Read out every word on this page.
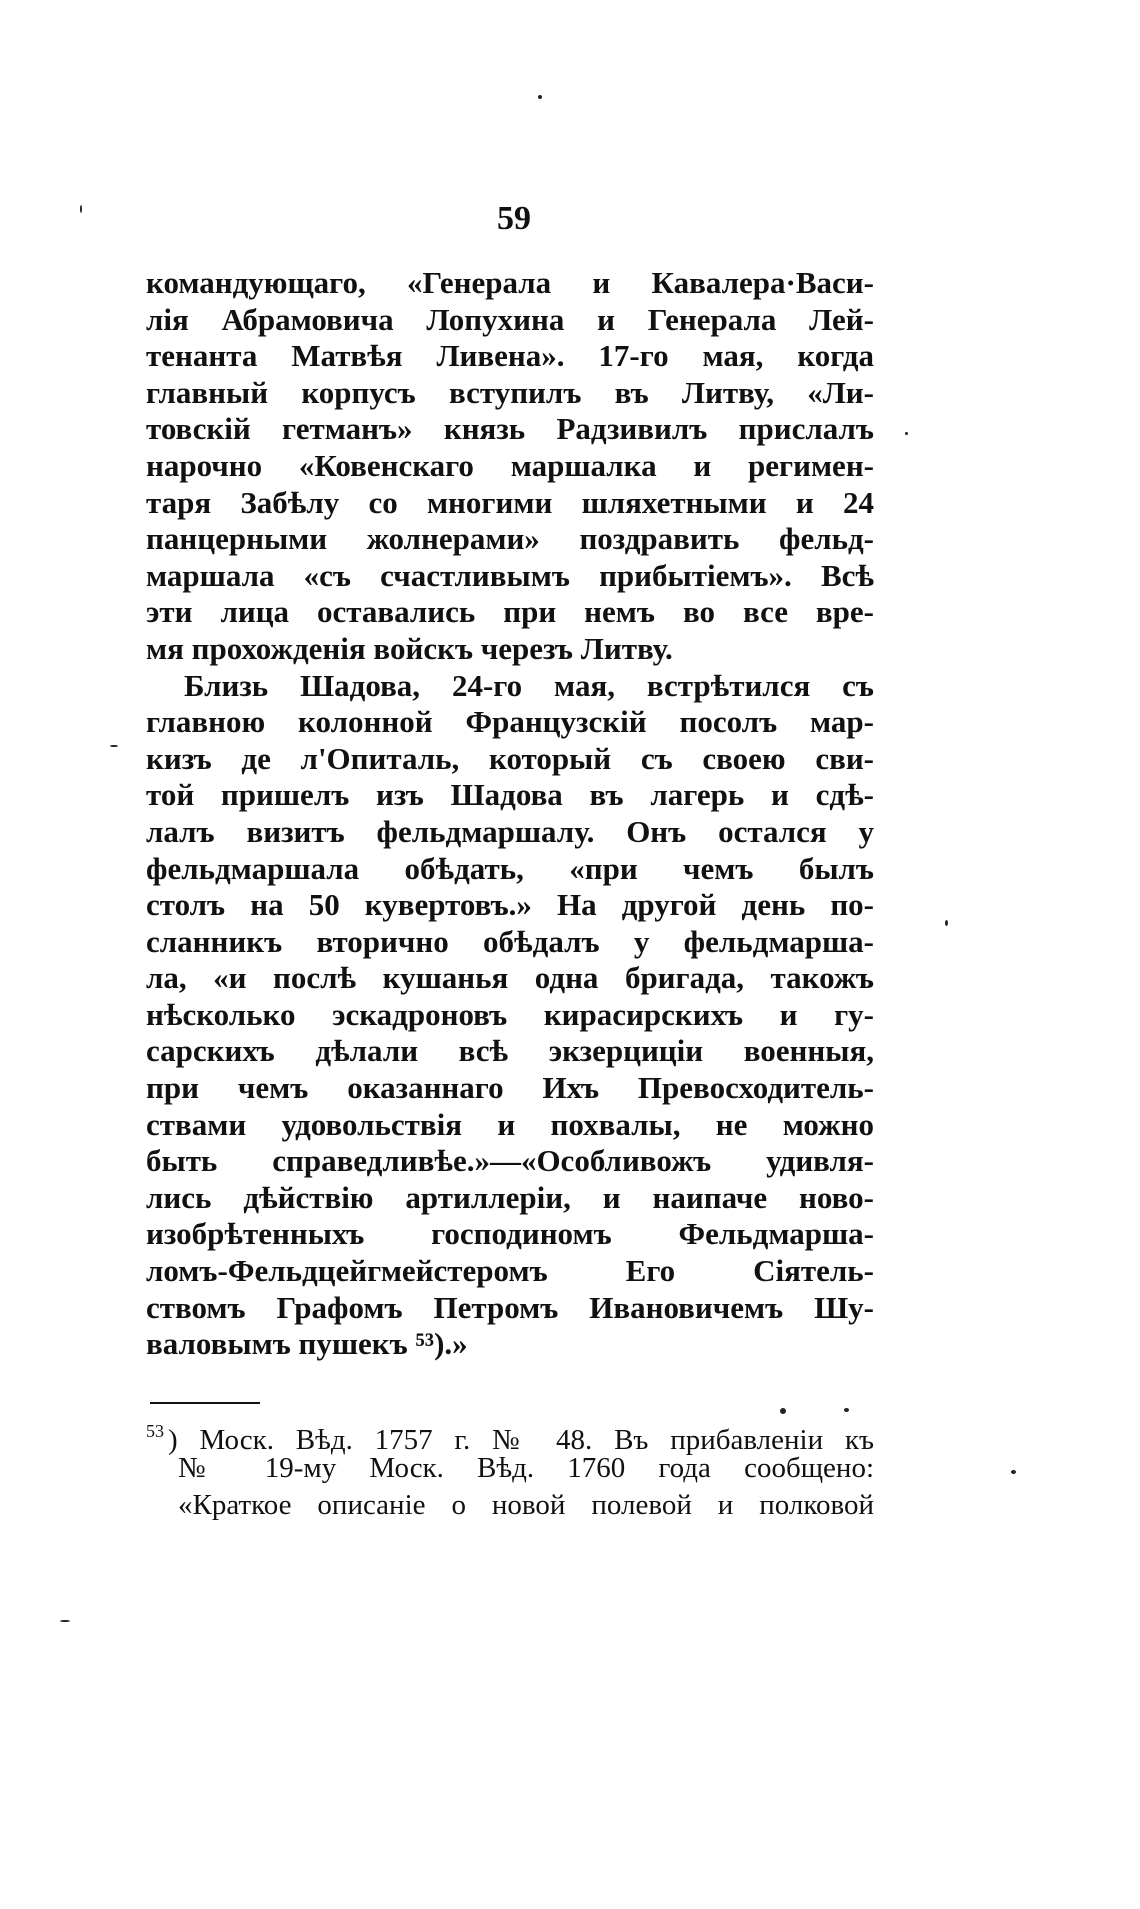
59
командующаго, «Генерала и Кавалера·Васи-
лія Абрамовича Лопухина и Генерала Лей-
тенанта Матвѣя Ливена». 17-го мая, когда
главный корпусъ вступилъ въ Литву, «Ли-
товскій гетманъ» князь Радзивилъ прислалъ
нарочно «Ковенскаго маршалка и регимен-
таря Забѣлу со многими шляхетными и 24
панцерными жолнерами» поздравить фельд-
маршала «съ счастливымъ прибытіемъ». Всѣ
эти лица оставались при немъ во все вре-
мя прохожденія войскъ черезъ Литву.
Близь Шадова, 24-го мая, встрѣтился съ
главною колонной Французскій посолъ мар-
кизъ де л'Опиталь, который съ своею сви-
той пришелъ изъ Шадова въ лагерь и сдѣ-
лалъ визитъ фельдмаршалу. Онъ остался у
фельдмаршала обѣдать, «при чемъ былъ
столъ на 50 кувертовъ.» На другой день по-
сланникъ вторично обѣдалъ у фельдмарша-
ла, «и послѣ кушанья одна бригада, такожъ
нѣсколько эскадроновъ кирасирскихъ и гу-
сарскихъ дѣлали всѣ экзерциціи военныя,
при чемъ оказаннаго Ихъ Превосходитель-
ствами удовольствія и похвалы, не можно
быть справедливѣе.»—«Особливожъ удивля-
лись дѣйствію артиллеріи, и наипаче ново-
изобрѣтенныхъ господиномъ Фельдмаршa-
ломъ-Фельдцейгмейстеромъ Его Сіятель-
ствомъ Графомъ Петромъ Ивановичемъ Шу-
валовымъ пушекъ ⁵³).»
$^{53}$ ) Моск. Вѣд. 1757 г. № 48. Въ прибавленіи къ
№ 19-му Моск. Вѣд. 1760 года сообщено:
«Краткое описаніе о новой полевой и полковой
